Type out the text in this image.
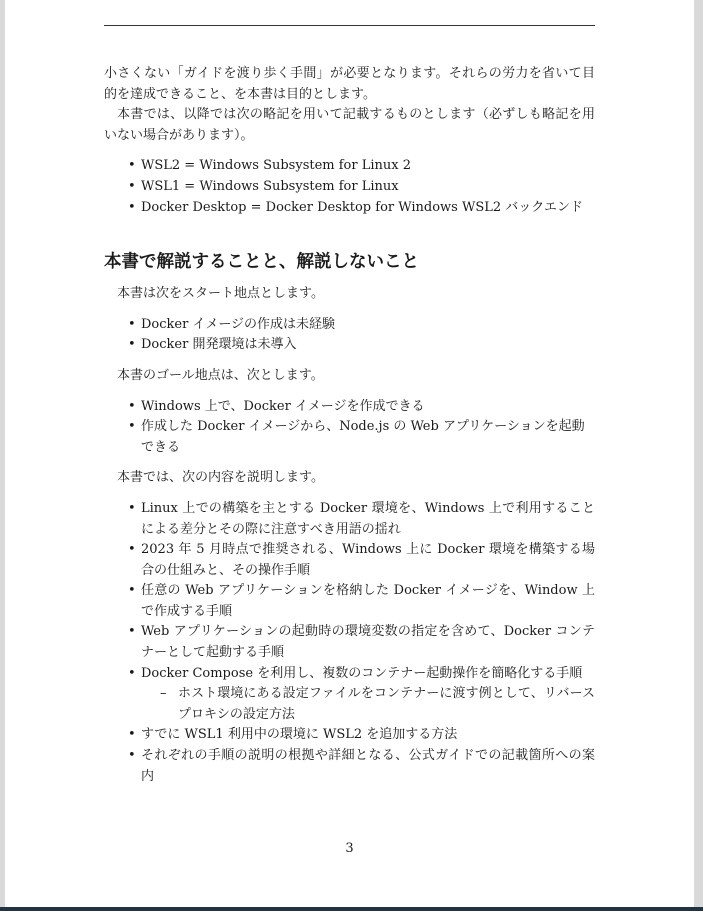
小さくない「ガイドを渡り歩く手間」が必要となります。それらの労力を省いて目的を達成できること、を本書は目的とします。
本書では、以降では次の略記を用いて記載するものとします（必ずしも略記を用いない場合があります）。
• WSL2 = Windows Subsystem for Linux 2
• WSL1 = Windows Subsystem for Linux
• Docker Desktop = Docker Desktop for Windows WSL2 バックエンド
本書で解説することと、解説しないこと
本書は次をスタート地点とします。
• Docker イメージの作成は未経験
• Docker 開発環境は未導入
本書のゴール地点は、次とします。
• Windows 上で、Docker イメージを作成できる
• 作成した Docker イメージから、Node.js の Web アプリケーションを起動できる
本書では、次の内容を説明します。
• Linux 上での構築を主とする Docker 環境を、Windows 上で利用することによる差分とその際に注意すべき用語の揺れ
• 2023 年 5 月時点で推奨される、Windows 上に Docker 環境を構築する場合の仕組みと、その操作手順
• 任意の Web アプリケーションを格納した Docker イメージを、Window 上で作成する手順
• Web アプリケーションの起動時の環境変数の指定を含めて、Docker コンテナーとして起動する手順
• Docker Compose を利用し、複数のコンテナー起動操作を簡略化する手順
– ホスト環境にある設定ファイルをコンテナーに渡す例として、リバースプロキシの設定方法
• すでに WSL1 利用中の環境に WSL2 を追加する方法
• それぞれの手順の説明の根拠や詳細となる、公式ガイドでの記載箇所への案内
3
